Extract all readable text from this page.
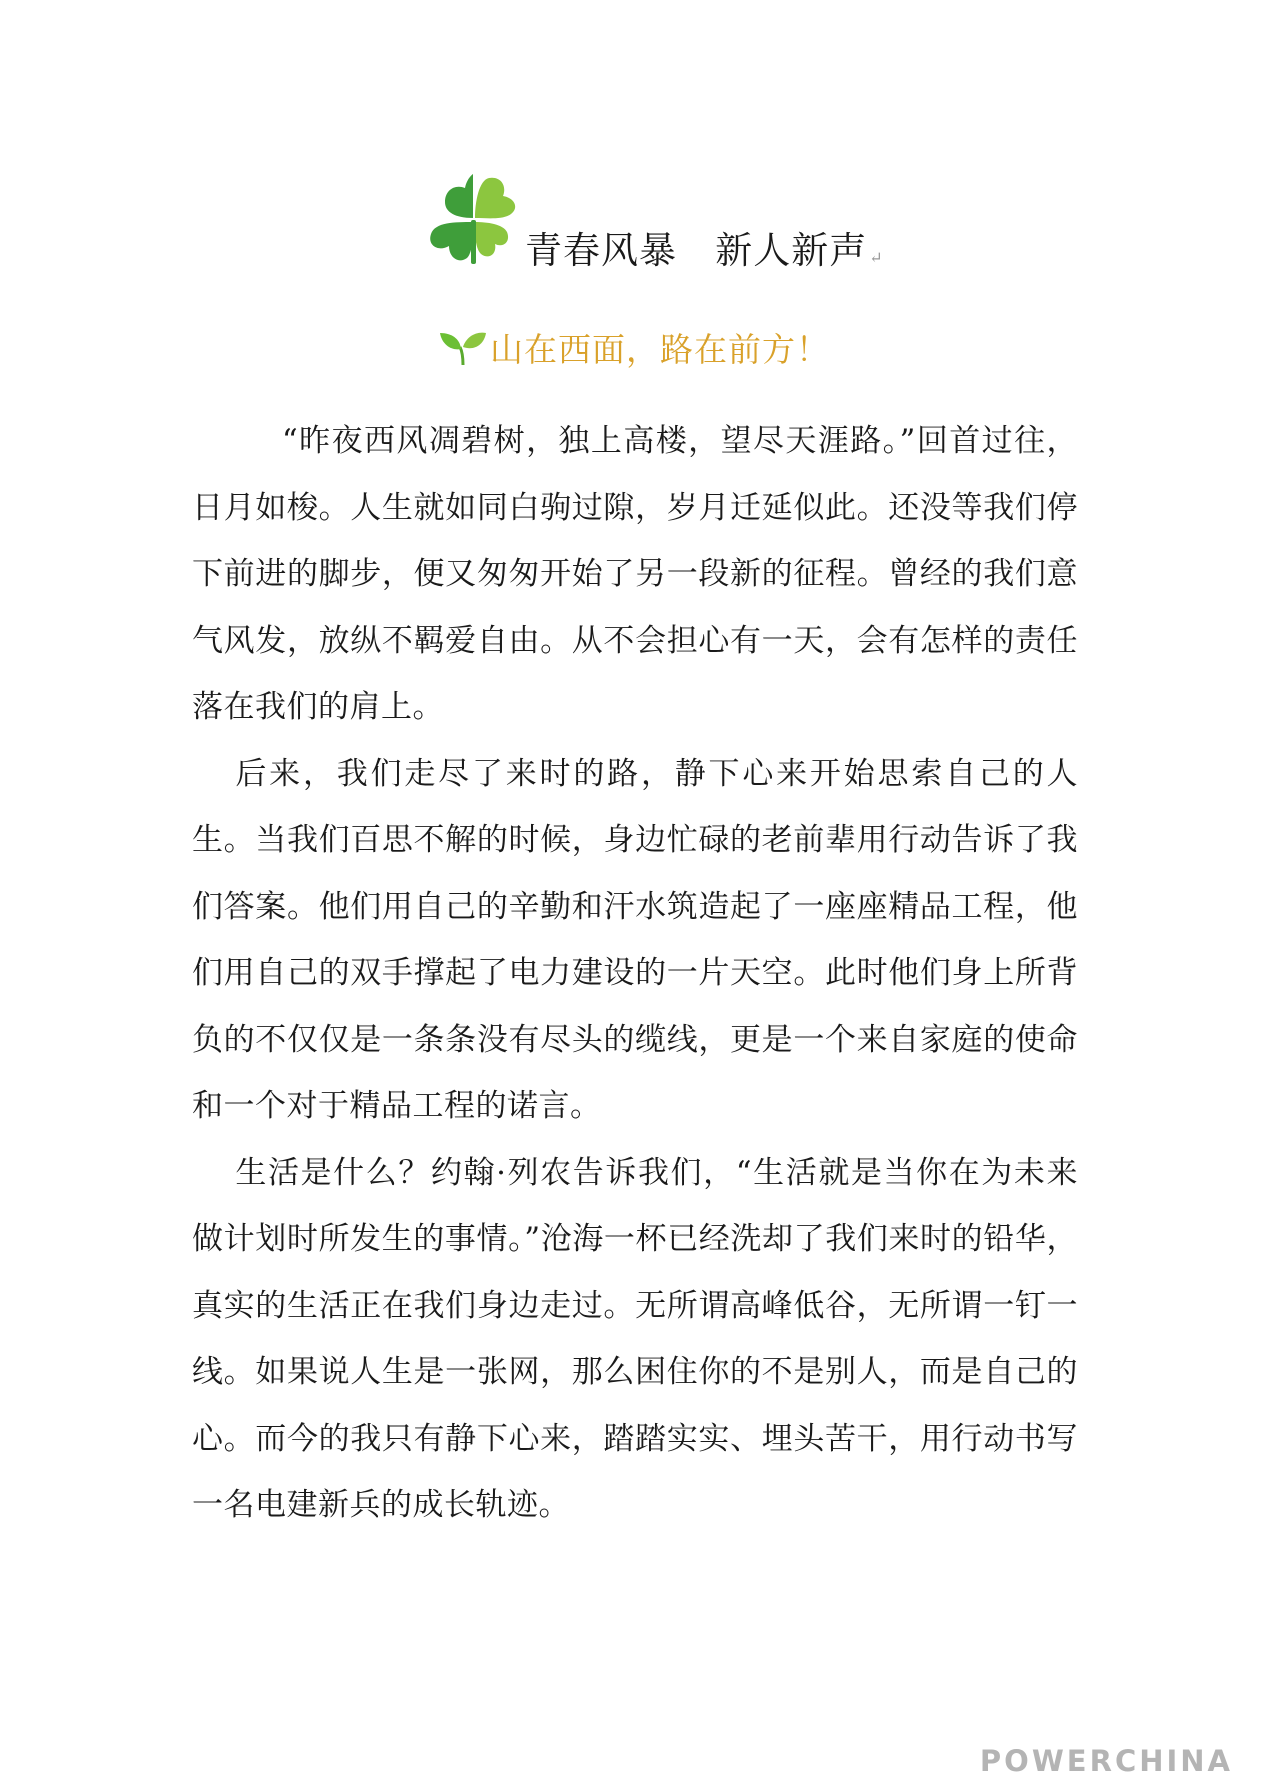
青春风暴   新人新声 ↵
山在西面，路在前方！

“昨夜西风凋碧树，独上高楼，望尽天涯路。”回首过往，日月如梭。人生就如同白驹过隙，岁月迁延似此。还没等我们停下前进的脚步，便又匆匆开始了另一段新的征程。曾经的我们意气风发，放纵不羁爱自由。从不会担心有一天，会有怎样的责任落在我们的肩上。

后来，我们走尽了来时的路，静下心来开始思索自己的人生。当我们百思不解的时候，身边忙碌的老前辈用行动告诉了我们答案。他们用自己的辛勤和汗水筑造起了一座座精品工程，他们用自己的双手撑起了电力建设的一片天空。此时他们身上所背负的不仅仅是一条条没有尽头的缆线，更是一个来自家庭的使命和一个对于精品工程的诺言。

生活是什么？约翰·列农告诉我们，“生活就是当你在为未来做计划时所发生的事情。”沧海一杯已经洗却了我们来时的铅华，真实的生活正在我们身边走过。无所谓高峰低谷，无所谓一钉一线。如果说人生是一张网，那么困住你的不是别人，而是自己的心。而今的我只有静下心来，踏踏实实、埋头苦干，用行动书写一名电建新兵的成长轨迹。

POWERCHINA
